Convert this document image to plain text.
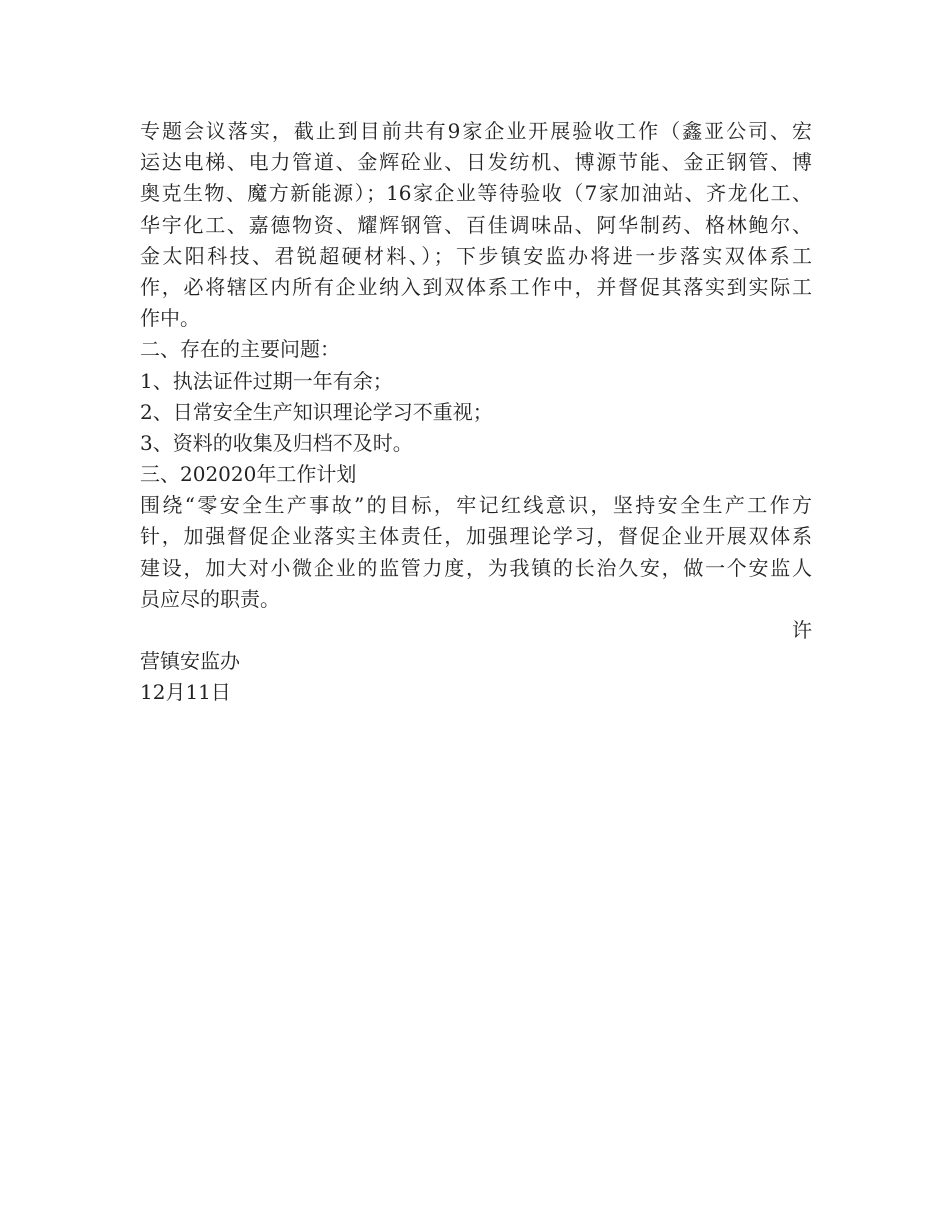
专题会议落实，截止到目前共有9家企业开展验收工作（鑫亚公司、宏
运达电梯、电力管道、金辉砼业、日发纺机、博源节能、金正钢管、博
奥克生物、魔方新能源）；16家企业等待验收（7家加油站、齐龙化工、
华宇化工、嘉德物资、耀辉钢管、百佳调味品、阿华制药、格林鲍尔、
金太阳科技、君锐超硬材料、）；下步镇安监办将进一步落实双体系工
作，必将辖区内所有企业纳入到双体系工作中，并督促其落实到实际工
作中。
二、存在的主要问题：
1、执法证件过期一年有余；
2、日常安全生产知识理论学习不重视；
3、资料的收集及归档不及时。
三、202020年工作计划
围绕“零安全生产事故”的目标，牢记红线意识，坚持安全生产工作方
针，加强督促企业落实主体责任，加强理论学习，督促企业开展双体系
建设，加大对小微企业的监管力度，为我镇的长治久安，做一个安监人
员应尽的职责。
许
营镇安监办
12月11日
